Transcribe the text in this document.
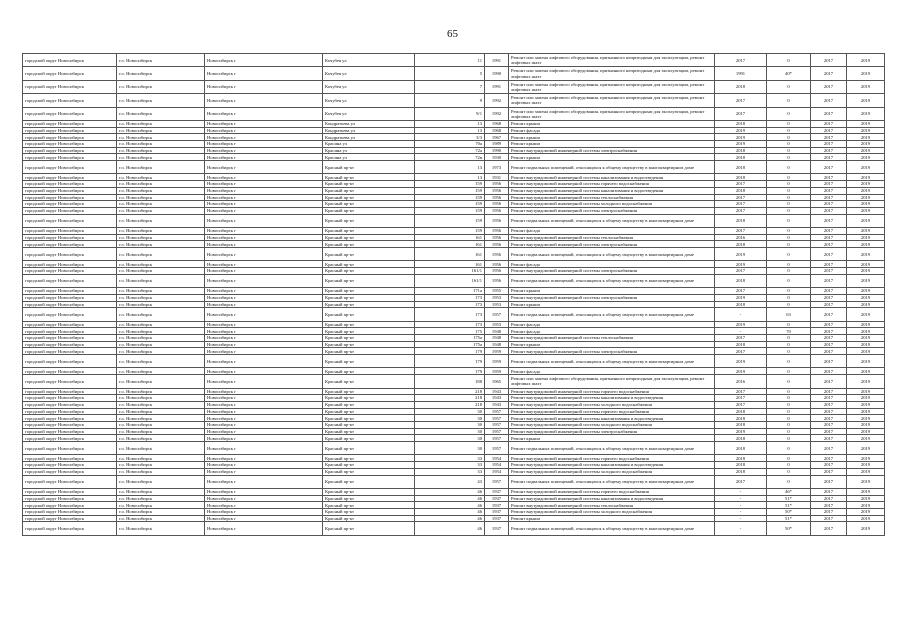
65
городской округ Новосибирск	г.о. Новосибирск	Новосибирск г	Кочубея ул	11	1991	Ремонт или замена лифтового оборудования, признанного непригодным для эксплуатации, ремонт лифтовых шахт	2017	0	2017	2019
городской округ Новосибирск	г.о. Новосибирск	Новосибирск г	Кочубея ул	5	1990	Ремонт или замена лифтового оборудования, признанного непригодным для эксплуатации, ремонт лифтовых шахт	1991	40*	2017	2019
городской округ Новосибирск	г.о. Новосибирск	Новосибирск г	Кочубея ул	7	1991	Ремонт или замена лифтового оборудования, признанного непригодным для эксплуатации, ремонт лифтовых шахт	2018	0	2017	2019
городской округ Новосибирск	г.о. Новосибирск	Новосибирск г	Кочубея ул	9	1992	Ремонт или замена лифтового оборудования, признанного непригодным для эксплуатации, ремонт лифтовых шахт	2017	0	2017	2019
городской округ Новосибирск	г.о. Новосибирск	Новосибирск г	Кочубея ул	9/1	1992	Ремонт или замена лифтового оборудования, признанного непригодным для эксплуатации, ремонт лифтовых шахт	2017	0	2017	2019
городской округ Новосибирск	г.о. Новосибирск	Новосибирск г	Кондратьева ул	13	1968	Ремонт крыши	2018	0	2017	2019
городской округ Новосибирск	г.о. Новосибирск	Новосибирск г	Кондратьева ул	13	1968	Ремонт фасада	2019	0	2017	2019
городской округ Новосибирск	г.о. Новосибирск	Новосибирск г	Кондратьева ул	3/3	1967	Ремонт крыши	2019	0	2017	2019
городской округ Новосибирск	г.о. Новосибирск	Новосибирск г	Красина ул	70а	1989	Ремонт крыши	2019	0	2017	2019
городской округ Новосибирск	г.о. Новосибирск	Новосибирск г	Красина ул	72а	1990	Ремонт внутридомовой инженерной системы электроснабжения	2018	0	2017	2019
городской округ Новосибирск	г.о. Новосибирск	Новосибирск г	Красина ул	72в	1930	Ремонт крыши	2018	0	2017	2019
городской округ Новосибирск	г.о. Новосибирск	Новосибирск г	Красный пр-кт	13	1973	Ремонт подвальных помещений, относящихся к общему имуществу в многоквартирном доме	2018	0	2017	2019
городской округ Новосибирск	г.о. Новосибирск	Новосибирск г	Красный пр-кт	13	1931	Ремонт внутридомовой инженерной системы канализования и водоотведения	2018	0	2017	2019
городской округ Новосибирск	г.о. Новосибирск	Новосибирск г	Красный пр-кт	159	1956	Ремонт внутридомовой инженерной системы горячего водоснабжения	2017	0	2017	2019
городской округ Новосибирск	г.о. Новосибирск	Новосибирск г	Красный пр-кт	159	1956	Ремонт внутридомовой инженерной системы канализования и водоотведения	2018	0	2017	2019
городской округ Новосибирск	г.о. Новосибирск	Новосибирск г	Красный пр-кт	159	1956	Ремонт внутридомовой инженерной системы теплоснабжения	2017	0	2017	2019
городской округ Новосибирск	г.о. Новосибирск	Новосибирск г	Красный пр-кт	159	1956	Ремонт внутридомовой инженерной системы холодного водоснабжения	2017	0	2017	2019
городской округ Новосибирск	г.о. Новосибирск	Новосибирск г	Красный пр-кт	159	1956	Ремонт внутридомовой инженерной системы электроснабжения	2017	0	2017	2019
городской округ Новосибирск	г.о. Новосибирск	Новосибирск г	Красный пр-кт	159	1956	Ремонт подвальных помещений, относящихся к общему имуществу в многоквартирном доме	2018	0	2017	2019
городской округ Новосибирск	г.о. Новосибирск	Новосибирск г	Красный пр-кт	159	1956	Ремонт фасада	2017	0	2017	2019
городской округ Новосибирск	г.о. Новосибирск	Новосибирск г	Красный пр-кт	161	1956	Ремонт внутридомовой инженерной системы теплоснабжения	2016	0	2017	2019
городской округ Новосибирск	г.о. Новосибирск	Новосибирск г	Красный пр-кт	161	1956	Ремонт внутридомовой инженерной системы электроснабжения	2018	0	2017	2019
городской округ Новосибирск	г.о. Новосибирск	Новосибирск г	Красный пр-кт	161	1956	Ремонт подвальных помещений, относящихся к общему имуществу в многоквартирном доме	2019	0	2017	2019
городской округ Новосибирск	г.о. Новосибирск	Новосибирск г	Красный пр-кт	161	1956	Ремонт фасада	2019	0	2017	2019
городской округ Новосибирск	г.о. Новосибирск	Новосибирск г	Красный пр-кт	161/1	1956	Ремонт внутридомовой инженерной системы электроснабжения	2017	0	2017	2019
городской округ Новосибирск	г.о. Новосибирск	Новосибирск г	Красный пр-кт	161/1	1956	Ремонт подвальных помещений, относящихся к общему имуществу в многоквартирном доме	2018	0	2017	2019
городской округ Новосибирск	г.о. Новосибирск	Новосибирск г	Красный пр-кт	171а	1955	Ремонт крыши	2017	0	2017	2019
городской округ Новосибирск	г.о. Новосибирск	Новосибирск г	Красный пр-кт	173	1953	Ремонт внутридомовой инженерной системы электроснабжения	2019	0	2017	2019
городской округ Новосибирск	г.о. Новосибирск	Новосибирск г	Красный пр-кт	173	1953	Ремонт крыши	2018	0	2017	2019
городской округ Новосибирск	г.о. Новосибирск	Новосибирск г	Красный пр-кт	173	1957	Ремонт подвальных помещений, относящихся к общему имуществу в многоквартирном доме	-	63	2017	2019
городской округ Новосибирск	г.о. Новосибирск	Новосибирск г	Красный пр-кт	173	1953	Ремонт фасада	2019	0	2017	2019
городской округ Новосибирск	г.о. Новосибирск	Новосибирск г	Красный пр-кт	175	1948	Ремонт фасада	-	70	2017	2019
городской округ Новосибирск	г.о. Новосибирск	Новосибирск г	Красный пр-кт	175а	1948	Ремонт внутридомовой инженерной системы теплоснабжения	2017	0	2017	2019
городской округ Новосибирск	г.о. Новосибирск	Новосибирск г	Красный пр-кт	175а	1948	Ремонт крыши	2018	0	2017	2019
городской округ Новосибирск	г.о. Новосибирск	Новосибирск г	Красный пр-кт	179	1959	Ремонт внутридомовой инженерной системы электроснабжения	2017	0	2017	2019
городской округ Новосибирск	г.о. Новосибирск	Новосибирск г	Красный пр-кт	179	1959	Ремонт подвальных помещений, относящихся к общему имуществу в многоквартирном доме	2019	0	2017	2019
городской округ Новосибирск	г.о. Новосибирск	Новосибирск г	Красный пр-кт	179	1959	Ремонт фасада	2019	0	2017	2019
городской округ Новосибирск	г.о. Новосибирск	Новосибирск г	Красный пр-кт	188	1965	Ремонт или замена лифтового оборудования, признанного непригодным для эксплуатации, ремонт лифтовых шахт	2016	0	2017	2019
городской округ Новосибирск	г.о. Новосибирск	Новосибирск г	Красный пр-кт	218	1943	Ремонт внутридомовой инженерной системы горячего водоснабжения	2017	0	2017	2019
городской округ Новосибирск	г.о. Новосибирск	Новосибирск г	Красный пр-кт	218	1943	Ремонт внутридомовой инженерной системы канализования и водоотведения	2017	0	2017	2019
городской округ Новосибирск	г.о. Новосибирск	Новосибирск г	Красный пр-кт	218	1943	Ремонт внутридомовой инженерной системы холодного водоснабжения	2017	0	2017	2019
городской округ Новосибирск	г.о. Новосибирск	Новосибирск г	Красный пр-кт	30	1957	Ремонт внутридомовой инженерной системы горячего водоснабжения	2018	0	2017	2019
городской округ Новосибирск	г.о. Новосибирск	Новосибирск г	Красный пр-кт	30	1957	Ремонт внутридомовой инженерной системы канализования и водоотведения	2018	0	2017	2019
городской округ Новосибирск	г.о. Новосибирск	Новосибирск г	Красный пр-кт	30	1957	Ремонт внутридомовой инженерной системы холодного водоснабжения	2018	0	2017	2019
городской округ Новосибирск	г.о. Новосибирск	Новосибирск г	Красный пр-кт	30	1957	Ремонт внутридомовой инженерной системы электроснабжения	2019	0	2017	2019
городской округ Новосибирск	г.о. Новосибирск	Новосибирск г	Красный пр-кт	30	1957	Ремонт крыши	2018	0	2017	2019
городской округ Новосибирск	г.о. Новосибирск	Новосибирск г	Красный пр-кт	30	1957	Ремонт подвальных помещений, относящихся к общему имуществу в многоквартирном доме	2018	0	2017	2019
городской округ Новосибирск	г.о. Новосибирск	Новосибирск г	Красный пр-кт	33	1954	Ремонт внутридомовой инженерной системы горячего водоснабжения	2018	0	2017	2019
городской округ Новосибирск	г.о. Новосибирск	Новосибирск г	Красный пр-кт	33	1954	Ремонт внутридомовой инженерной системы канализования и водоотведения	2018	0	2017	2019
городской округ Новосибирск	г.о. Новосибирск	Новосибирск г	Красный пр-кт	33	1954	Ремонт внутридомовой инженерной системы холодного водоснабжения	2018	0	2017	2019
городской округ Новосибирск	г.о. Новосибирск	Новосибирск г	Красный пр-кт	43	1957	Ремонт подвальных помещений, относящихся к общему имуществу в многоквартирном доме	2017	0	2017	2019
городской округ Новосибирск	г.о. Новосибирск	Новосибирск г	Красный пр-кт	46	1937	Ремонт внутридомовой инженерной системы горячего водоснабжения	-	46*	2017	2019
городской округ Новосибирск	г.о. Новосибирск	Новосибирск г	Красный пр-кт	46	1937	Ремонт внутридомовой инженерной системы канализования и водоотведения	-	51*	2017	2019
городской округ Новосибирск	г.о. Новосибирск	Новосибирск г	Красный пр-кт	46	1937	Ремонт внутридомовой инженерной системы теплоснабжения	-	51*	2017	2019
городской округ Новосибирск	г.о. Новосибирск	Новосибирск г	Красный пр-кт	46	1937	Ремонт внутридомовой инженерной системы холодного водоснабжения	-	50*	2017	2019
городской округ Новосибирск	г.о. Новосибирск	Новосибирск г	Красный пр-кт	46	1937	Ремонт крыши	-	51*	2017	2019
городской округ Новосибирск	г.о. Новосибирск	Новосибирск г	Красный пр-кт	46	1937	Ремонт подвальных помещений, относящихся к общему имуществу в многоквартирном доме	-	50*	2017	2019
